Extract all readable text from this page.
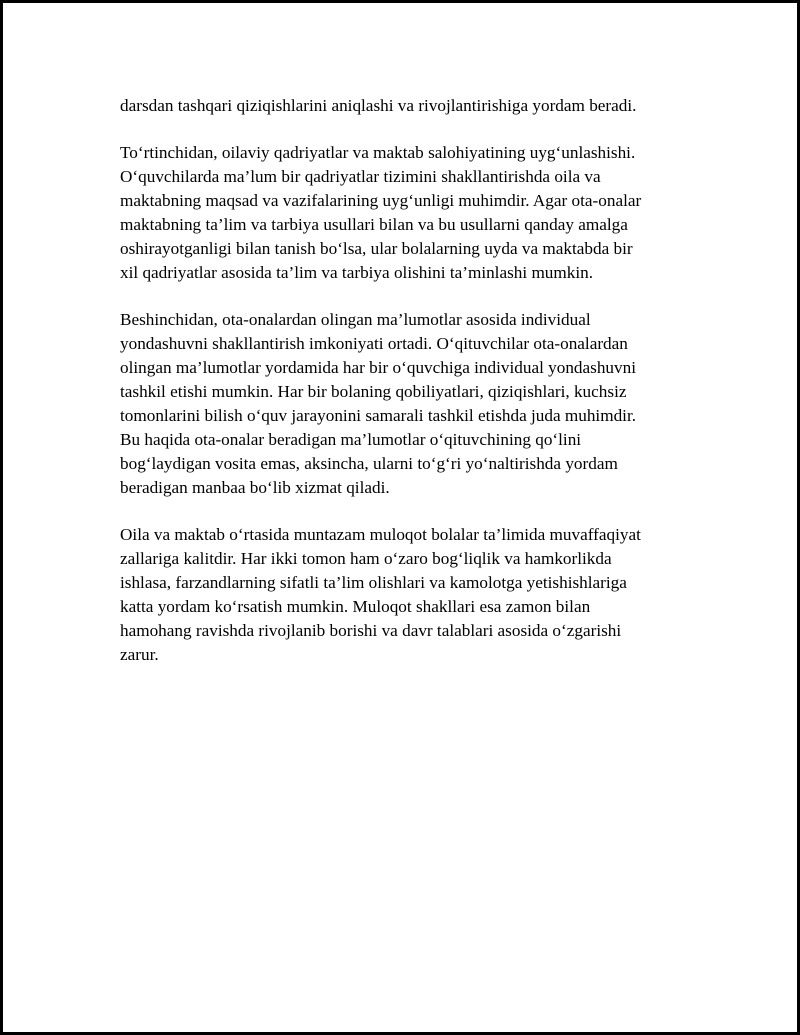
darsdan tashqari qiziqishlarini aniqlashi va rivojlantirishiga yordam beradi.

To‘rtinchidan, oilaviy qadriyatlar va maktab salohiyatining uyg‘unlashishi.
O‘quvchilarda ma’lum bir qadriyatlar tizimini shakllantirishda oila va
maktabning maqsad va vazifalarining uyg‘unligi muhimdir. Agar ota-onalar
maktabning ta’lim va tarbiya usullari bilan va bu usullarni qanday amalga
oshirayotganligi bilan tanish bo‘lsa, ular bolalarning uyda va maktabda bir
xil qadriyatlar asosida ta’lim va tarbiya olishini ta’minlashi mumkin.

Beshinchidan, ota-onalardan olingan ma’lumotlar asosida individual
yondashuvni shakllantirish imkoniyati ortadi. O‘qituvchilar ota-onalardan
olingan ma’lumotlar yordamida har bir o‘quvchiga individual yondashuvni
tashkil etishi mumkin. Har bir bolaning qobiliyatlari, qiziqishlari, kuchsiz
tomonlarini bilish o‘quv jarayonini samarali tashkil etishda juda muhimdir.
Bu haqida ota-onalar beradigan ma’lumotlar o‘qituvchining qo‘lini
bog‘laydigan vosita emas, aksincha, ularni to‘g‘ri yo‘naltirishda yordam
beradigan manbaa bo‘lib xizmat qiladi.

Oila va maktab o‘rtasida muntazam muloqot bolalar ta’limida muvaffaqiyat
zallariga kalitdir. Har ikki tomon ham o‘zaro bog‘liqlik va hamkorlikda
ishlasa, farzandlarning sifatli ta’lim olishlari va kamolotga yetishishlariga
katta yordam ko‘rsatish mumkin. Muloqot shakllari esa zamon bilan
hamohang ravishda rivojlanib borishi va davr talablari asosida o‘zgarishi
zarur.
